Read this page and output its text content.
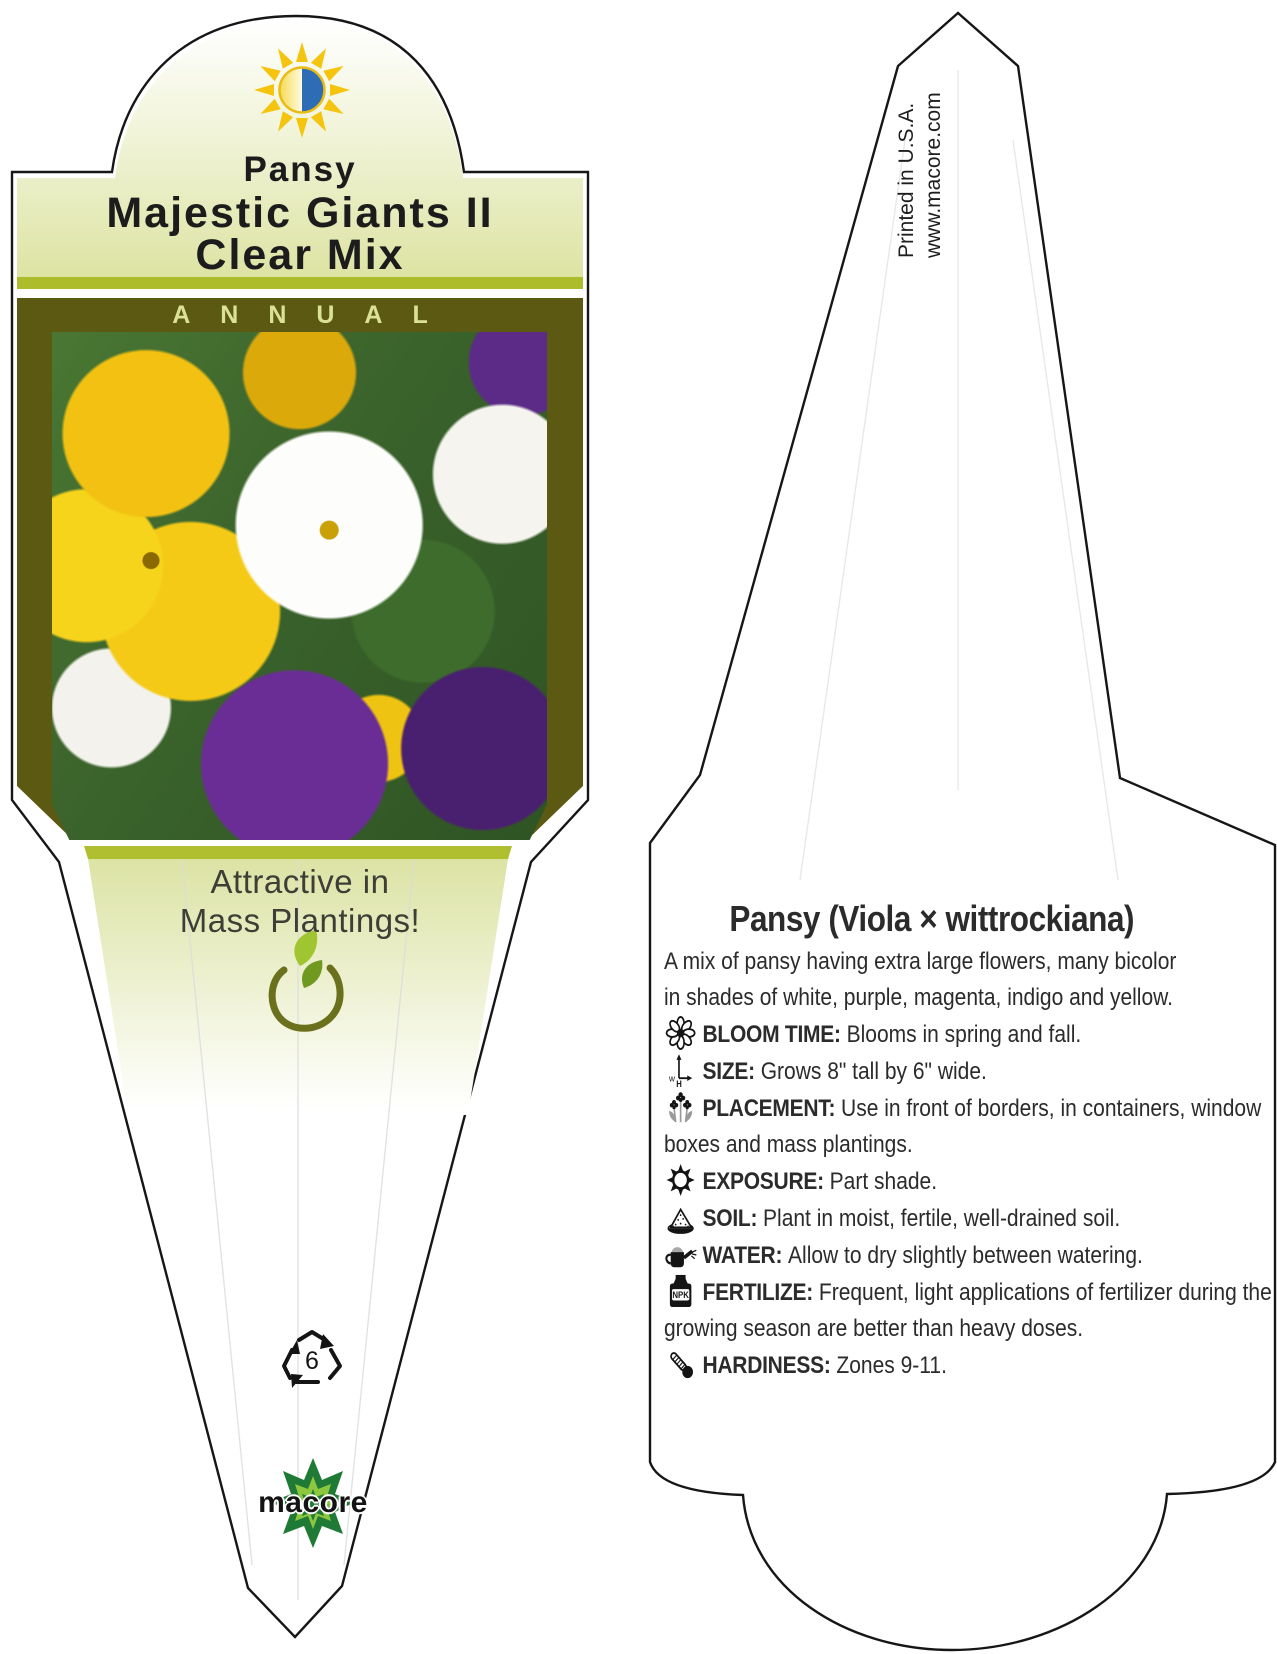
Pansy
Majestic Giants II
Clear Mix
ANNUAL
Attractive in
Mass Plantings!
6
macore
Printed in U.S.A. www.macore.com
Pansy (Viola × wittrockiana)
A mix of pansy having extra large flowers, many bicolor
in shades of white, purple, magenta, indigo and yellow.
BLOOM TIME: Blooms in spring and fall.
w
H SIZE: Grows 8" tall by 6" wide.
PLACEMENT: Use in front of borders, in containers, window boxes and mass plantings.
EXPOSURE: Part shade.
SOIL: Plant in moist, fertile, well-drained soil.
WATER: Allow to dry slightly between watering.
NPK FERTILIZE: Frequent, light applications of fertilizer during the growing season are better than heavy doses.
HARDINESS: Zones 9-11.
